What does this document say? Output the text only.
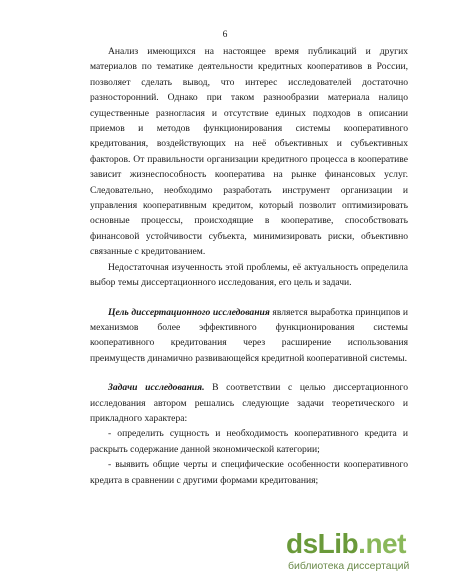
6

Анализ имеющихся на настоящее время публикаций и других материалов по тематике деятельности кредитных кооперативов в России, позволяет сделать вывод, что интерес исследователей достаточно разносторонний. Однако при таком разнообразии материала налицо существенные разногласия и отсутствие единых подходов в описании приемов и методов функционирования системы кооперативного кредитования, воздействующих на неё объективных и субъективных факторов. От правильности организации кредитного процесса в кооперативе зависит жизнеспособность кооператива на рынке финансовых услуг. Следовательно, необходимо разработать инструмент организации и управления кооперативным кредитом, который позволит оптимизировать основные процессы, происходящие в кооперативе, способствовать финансовой устойчивости субъекта, минимизировать риски, объективно связанные с кредитованием.

Недостаточная изученность этой проблемы, её актуальность определила выбор темы диссертационного исследования, его цель и задачи.

Цель диссертационного исследования является выработка принципов и механизмов более эффективного функционирования системы кооперативного кредитования через расширение использования преимуществ динамично развивающейся кредитной кооперативной системы.

Задачи исследования. В соответствии с целью диссертационного исследования автором решались следующие задачи теоретического и прикладного характера:

- определить сущность и необходимость кооперативного кредита и раскрыть содержание данной экономической категории;

- выявить общие черты и специфические особенности кооперативного кредита в сравнении с другими формами кредитования;

dsLib.net
библиотека диссертаций
